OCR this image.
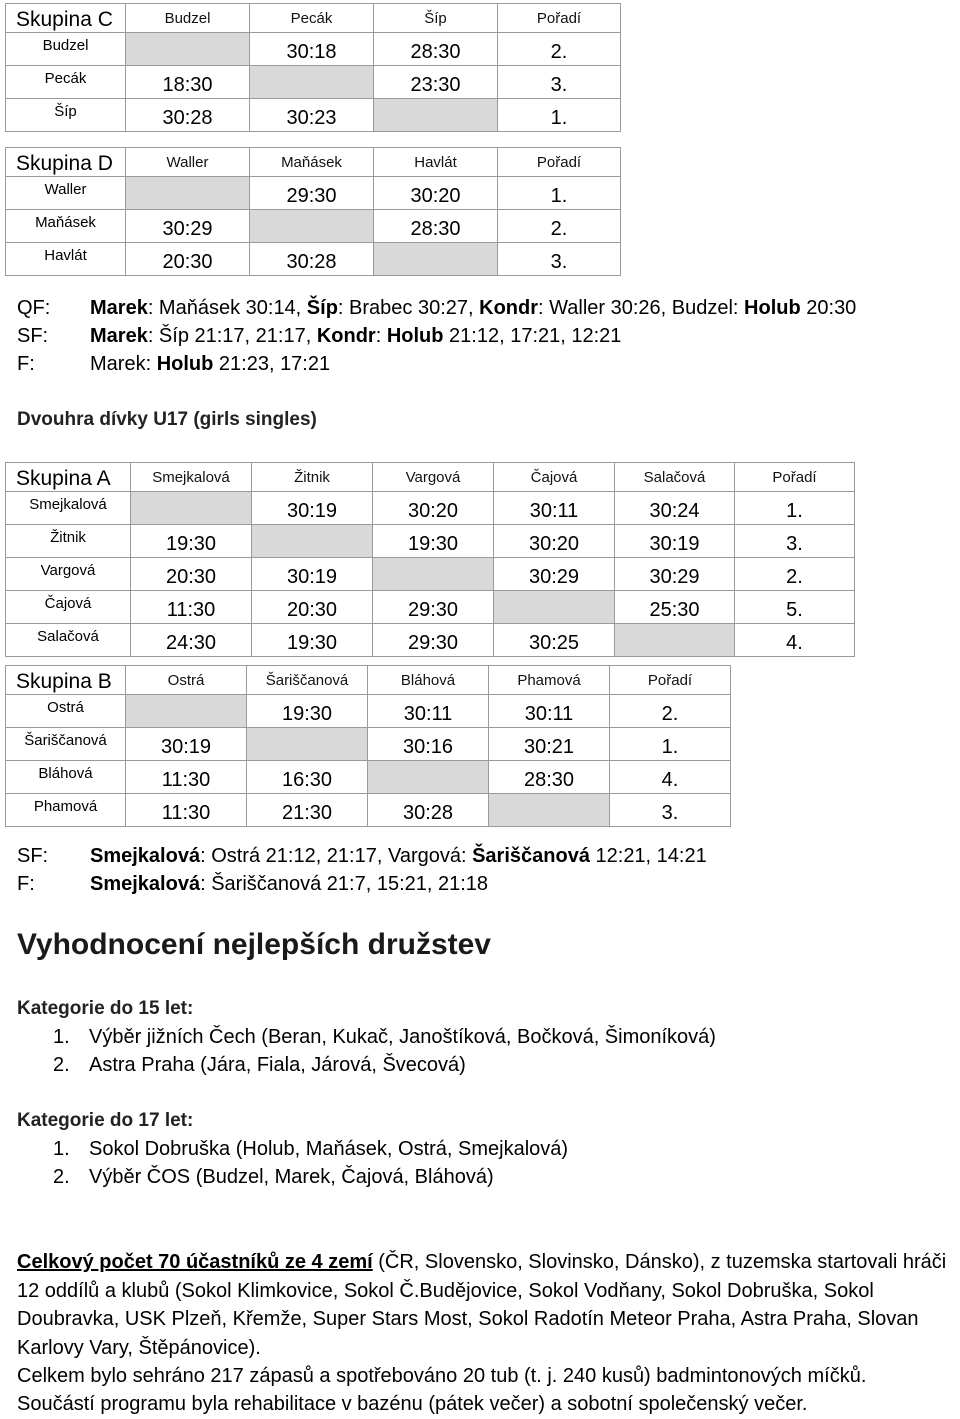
Skupina C	Budzel	Pecák	Šíp	Pořadí
Budzel		30:18	28:30	2.
Pecák	18:30		23:30	3.
Šíp	30:28	30:23		1.
Skupina D	Waller	Maňásek	Havlát	Pořadí
Waller		29:30	30:20	1.
Maňásek	30:29		28:30	2.
Havlát	20:30	30:28		3.
QF: Marek: Maňásek 30:14, Šíp: Brabec 30:27, Kondr: Waller 30:26, Budzel: Holub 20:30
SF: Marek: Šíp 21:17, 21:17, Kondr: Holub 21:12, 17:21, 12:21
F:	Marek: Holub 21:23, 17:21
Dvouhra dívky U17 (girls singles)
Skupina A	Smejkalová	Žitnik	Vargová	Čajová	Salačová	Pořadí
Smejkalová		30:19	30:20	30:11	30:24	1.
Žitnik	19:30		19:30	30:20	30:19	3.
Vargová	20:30	30:19		30:29	30:29	2.
Čajová	11:30	20:30	29:30		25:30	5.
Salačová	24:30	19:30	29:30	30:25		4.
Skupina B	Ostrá	Šariščanová	Bláhová	Phamová	Pořadí
Ostrá		19:30	30:11	30:11	2.
Šariščanová	30:19		30:16	30:21	1.
Bláhová	11:30	16:30		28:30	4.
Phamová	11:30	21:30	30:28		3.
SF: Smejkalová: Ostrá 21:12, 21:17, Vargová: Šariščanová 12:21, 14:21
F:	Smejkalová: Šariščanová 21:7, 15:21, 21:18
Vyhodnocení nejlepších družstev
Kategorie do 15 let:
1. Výběr jižních Čech (Beran, Kukač, Janoštíková, Bočková, Šimoníková)
2. Astra Praha (Jára, Fiala, Járová, Švecová)
Kategorie do 17 let:
1. Sokol Dobruška (Holub, Maňásek, Ostrá, Smejkalová)
2. Výběr ČOS (Budzel, Marek, Čajová, Bláhová)
Celkový počet 70 účastníků ze 4 zemí (ČR, Slovensko, Slovinsko, Dánsko), z tuzemska startovali hráči 12 oddílů a klubů (Sokol Klimkovice, Sokol Č.Budějovice, Sokol Vodňany, Sokol Dobruška, Sokol Doubravka, USK Plzeň, Křemže, Super Stars Most, Sokol Radotín Meteor Praha, Astra Praha, Slovan Karlovy Vary, Štěpánovice).
Celkem bylo sehráno 217 zápasů a spotřebováno 20 tub (t. j. 240 kusů) badmintonových míčků.
Součástí programu byla rehabilitace v bazénu (pátek večer) a sobotní společenský večer.
